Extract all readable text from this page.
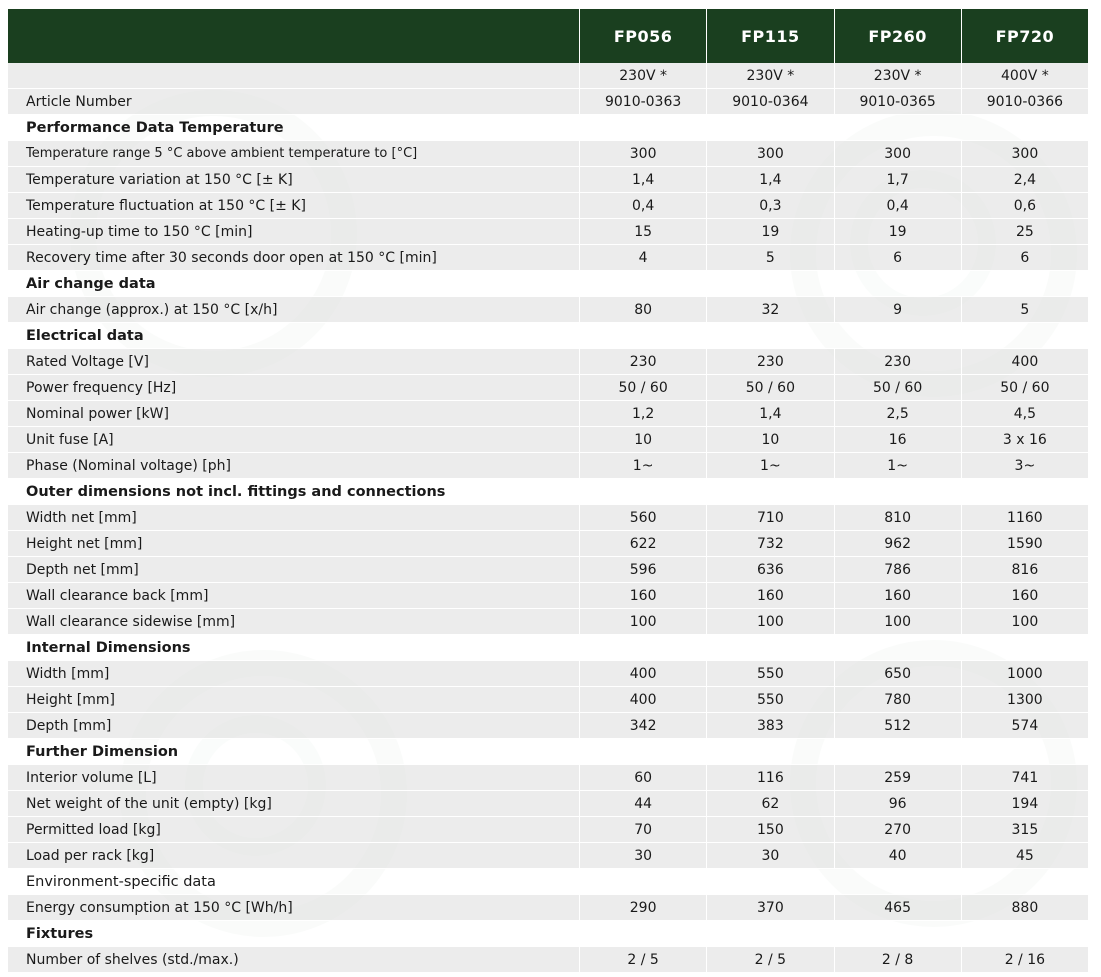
	FP056	FP115	FP260	FP720
	230V *	230V *	230V *	400V *
Article Number	9010-0363	9010-0364	9010-0365	9010-0366
Performance Data Temperature				
Temperature range 5 °C above ambient temperature to [°C]	300	300	300	300
Temperature variation at 150 °C [± K]	1,4	1,4	1,7	2,4
Temperature fluctuation at 150 °C [± K]	0,4	0,3	0,4	0,6
Heating-up time to 150 °C [min]	15	19	19	25
Recovery time after 30 seconds door open at 150 °C [min]	4	5	6	6
Air change data				
Air change (approx.) at 150 °C [x/h]	80	32	9	5
Electrical data				
Rated Voltage [V]	230	230	230	400
Power frequency [Hz]	50 / 60	50 / 60	50 / 60	50 / 60
Nominal power [kW]	1,2	1,4	2,5	4,5
Unit fuse [A]	10	10	16	3 x 16
Phase (Nominal voltage) [ph]	1~	1~	1~	3~
Outer dimensions not incl. fittings and connections				
Width net [mm]	560	710	810	1160
Height net [mm]	622	732	962	1590
Depth net [mm]	596	636	786	816
Wall clearance back [mm]	160	160	160	160
Wall clearance sidewise [mm]	100	100	100	100
Internal Dimensions				
Width [mm]	400	550	650	1000
Height [mm]	400	550	780	1300
Depth [mm]	342	383	512	574
Further Dimension				
Interior volume [L]	60	116	259	741
Net weight of the unit (empty) [kg]	44	62	96	194
Permitted load [kg]	70	150	270	315
Load per rack [kg]	30	30	40	45
Environment-specific data				
Energy consumption at 150 °C [Wh/h]	290	370	465	880
Fixtures				
Number of shelves (std./max.)	2 / 5	2 / 5	2 / 8	2 / 16
